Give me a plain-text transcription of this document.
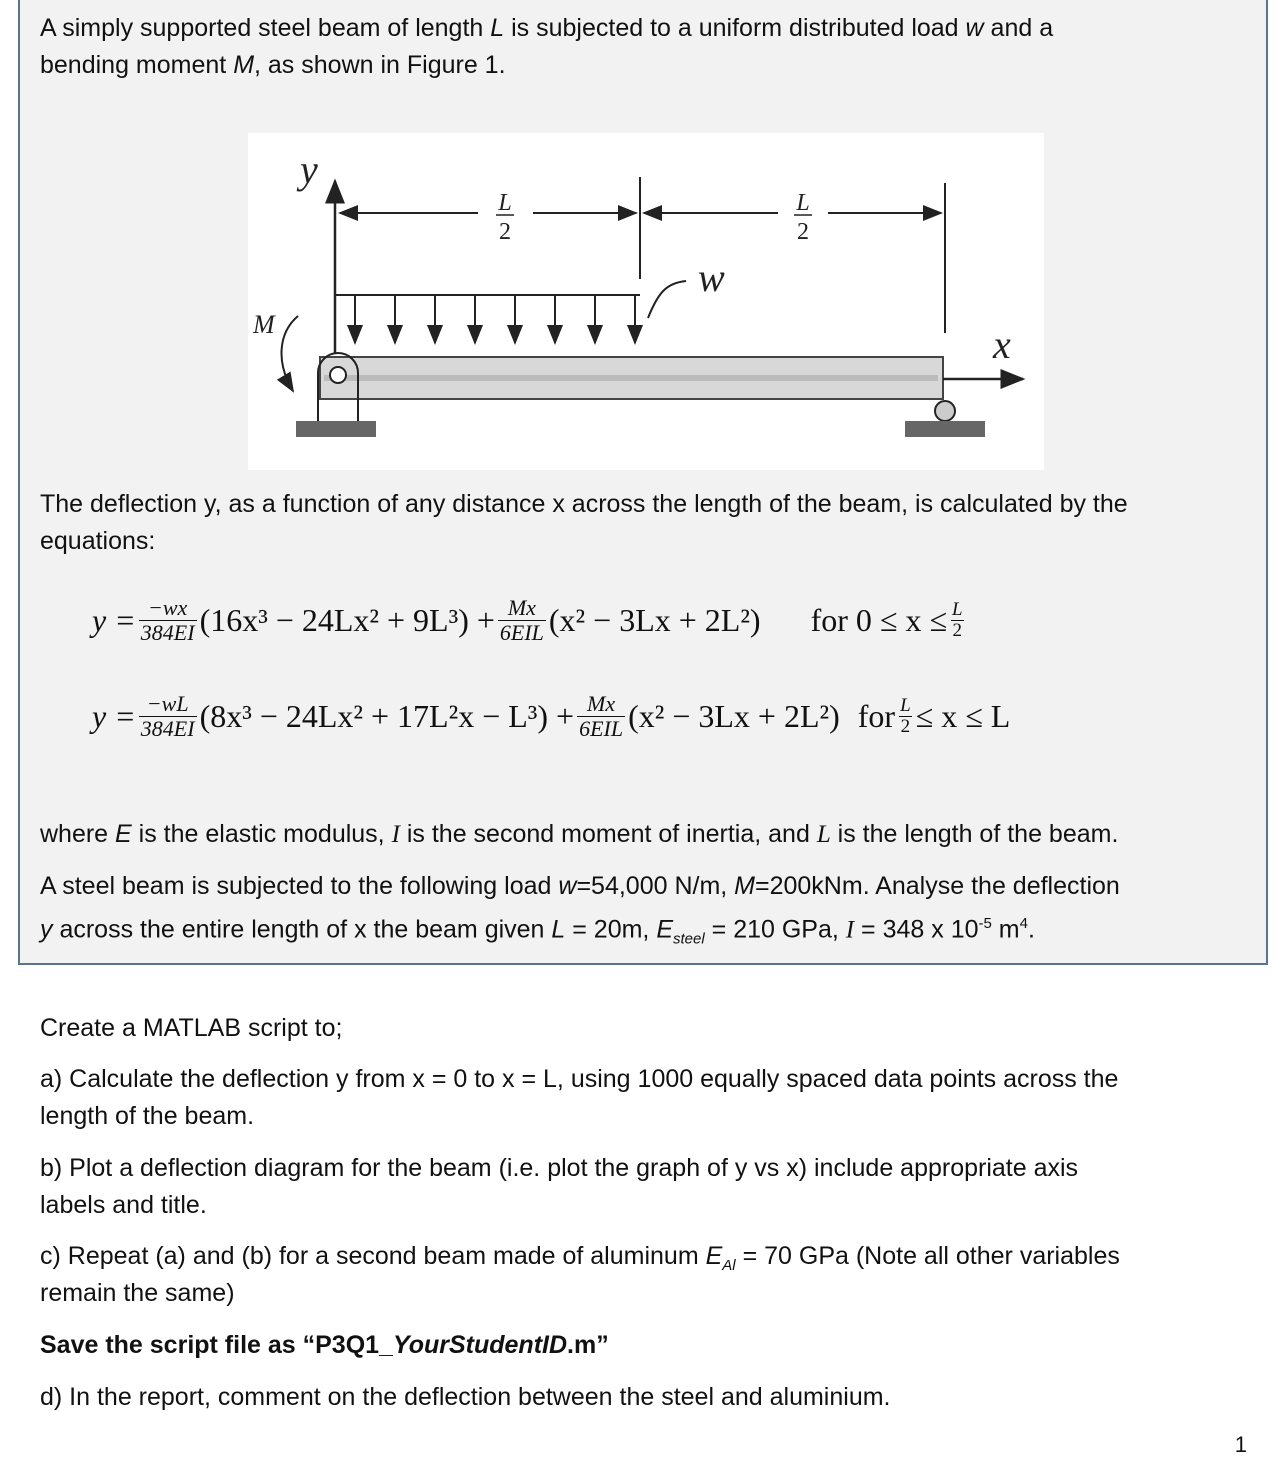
A simply supported steel beam of length L is subjected to a uniform distributed load w and a

bending moment M, as shown in Figure 1.

y
L
2
L
2
w
x
M

The deflection y, as a function of any distance x across the length of the beam, is calculated by the

equations:

$y = \frac{-wx}{384EI} (16x^3 - 24Lx^2 + 9L^3) + \frac{Mx}{\text{6EIL}} (x^2 - 3Lx + 2L^2)$ for $0 \le x \le \frac{L}{2}$
$y = \frac{-wL}{384EI} (8x^3 - 24Lx^2 + 17L^2x - L^3) + \frac{Mx}{\text{6EIL}} (x^2 - 3Lx + 2L^2)$ for $\frac{L}{2} \le x \le L$

where E is the elastic modulus, I is the second moment of inertia, and L is the length of the beam.

A steel beam is subjected to the following load w=54,000 N/m, M=200kNm. Analyse the deflection

y across the entire length of x the beam given L = 20m, $E_{steel} = 210$ GPa, I = 348 x $10^{-5}$ $m^4$.

Create a MATLAB script to;

a) Calculate the deflection y from x = 0 to x = L, using 1000 equally spaced data points across the

length of the beam.

b) Plot a deflection diagram for the beam (i.e. plot the graph of y vs x) include appropriate axis

labels and title.

c) Repeat (a) and (b) for a second beam made of aluminum $E_{Al} = 70$ GPa (Note all other variables

remain the same)

Save the script file as “P3Q1_YourStudentID.m”

d) In the report, comment on the deflection between the steel and aluminium.

1
